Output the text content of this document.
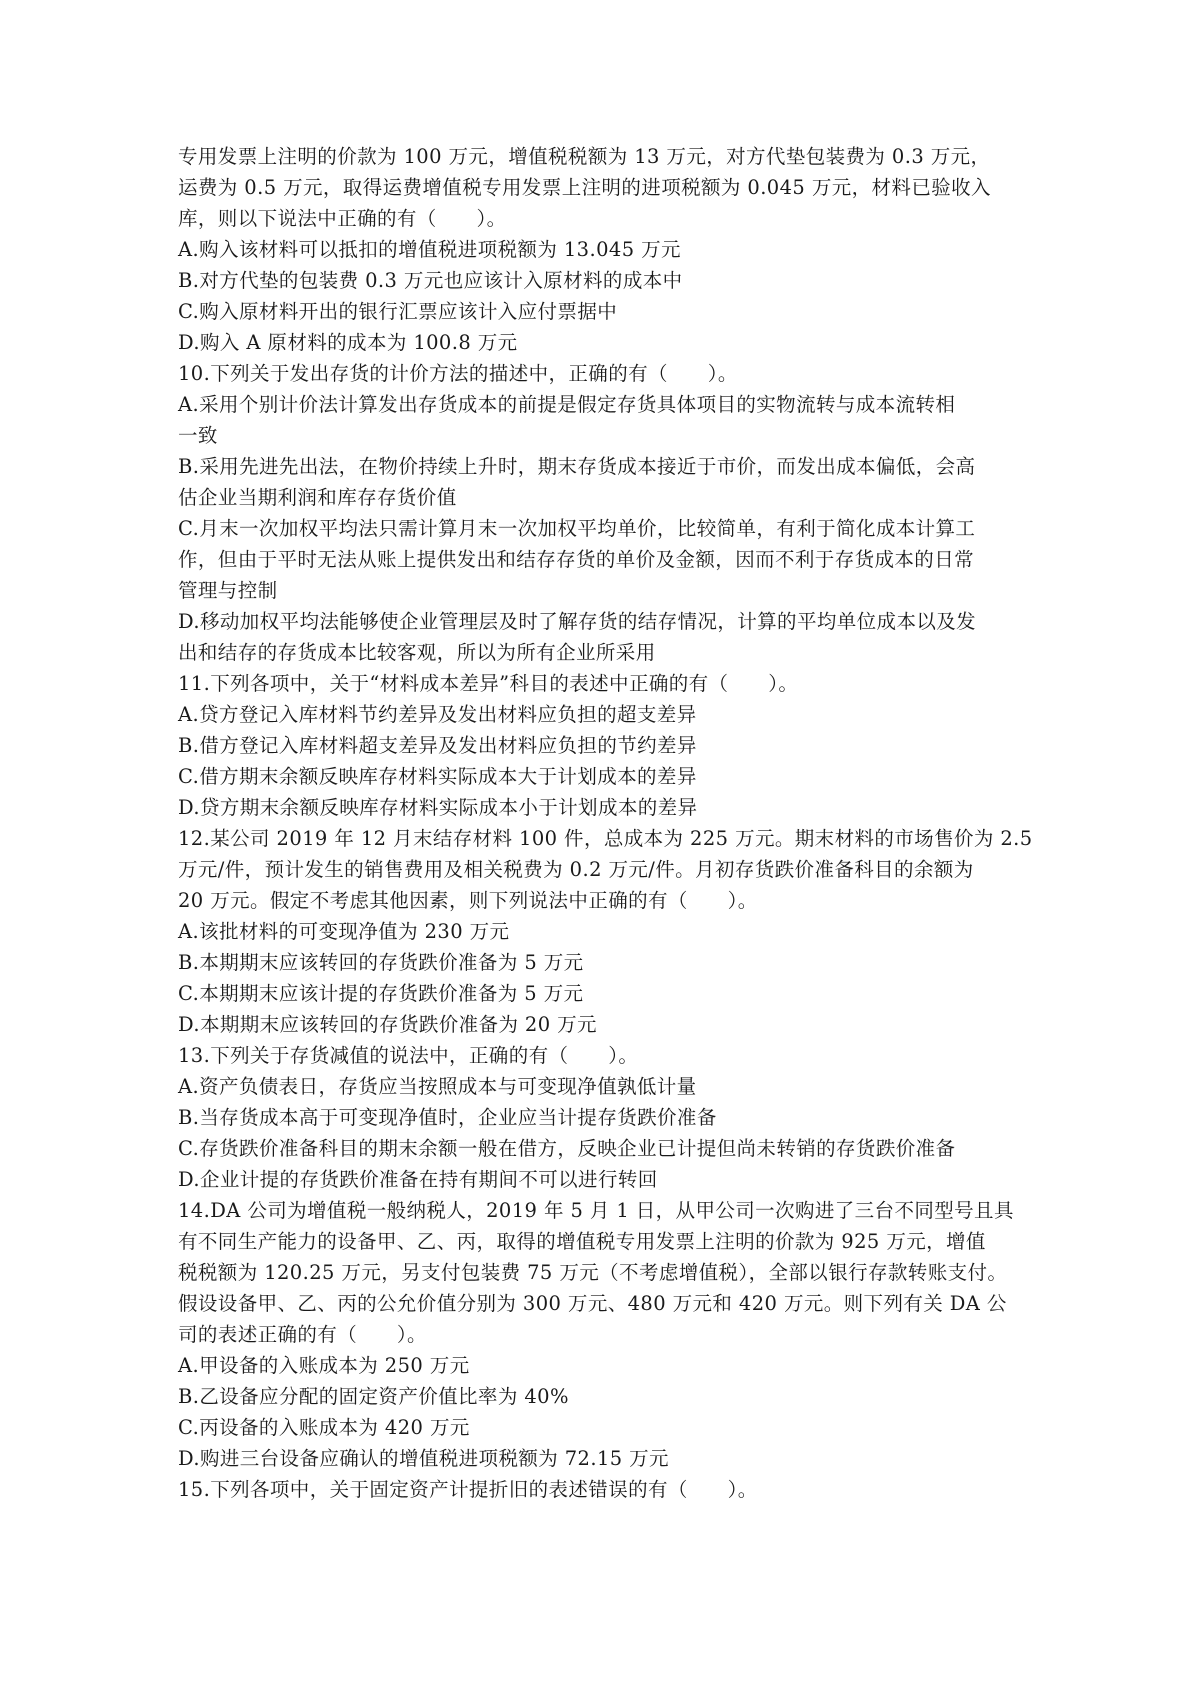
专用发票上注明的价款为 100 万元，增值税税额为 13 万元，对方代垫包装费为 0.3 万元，
运费为 0.5 万元，取得运费增值税专用发票上注明的进项税额为 0.045 万元，材料已验收入
库，则以下说法中正确的有（　　）。
A.购入该材料可以抵扣的增值税进项税额为 13.045 万元
B.对方代垫的包装费 0.3 万元也应该计入原材料的成本中
C.购入原材料开出的银行汇票应该计入应付票据中
D.购入 A 原材料的成本为 100.8 万元
10.下列关于发出存货的计价方法的描述中，正确的有（　　）。
A.采用个别计价法计算发出存货成本的前提是假定存货具体项目的实物流转与成本流转相
一致
B.采用先进先出法，在物价持续上升时，期末存货成本接近于市价，而发出成本偏低，会高
估企业当期利润和库存存货价值
C.月末一次加权平均法只需计算月末一次加权平均单价，比较简单，有利于简化成本计算工
作，但由于平时无法从账上提供发出和结存存货的单价及金额，因而不利于存货成本的日常
管理与控制
D.移动加权平均法能够使企业管理层及时了解存货的结存情况，计算的平均单位成本以及发
出和结存的存货成本比较客观，所以为所有企业所采用
11.下列各项中，关于“材料成本差异”科目的表述中正确的有（　　）。
A.贷方登记入库材料节约差异及发出材料应负担的超支差异
B.借方登记入库材料超支差异及发出材料应负担的节约差异
C.借方期末余额反映库存材料实际成本大于计划成本的差异
D.贷方期末余额反映库存材料实际成本小于计划成本的差异
12.某公司 2019 年 12 月末结存材料 100 件，总成本为 225 万元。期末材料的市场售价为 2.5
万元/件，预计发生的销售费用及相关税费为 0.2 万元/件。月初存货跌价准备科目的余额为
20 万元。假定不考虑其他因素，则下列说法中正确的有（　　）。
A.该批材料的可变现净值为 230 万元
B.本期期末应该转回的存货跌价准备为 5 万元
C.本期期末应该计提的存货跌价准备为 5 万元
D.本期期末应该转回的存货跌价准备为 20 万元
13.下列关于存货减值的说法中，正确的有（　　）。
A.资产负债表日，存货应当按照成本与可变现净值孰低计量
B.当存货成本高于可变现净值时，企业应当计提存货跌价准备
C.存货跌价准备科目的期末余额一般在借方，反映企业已计提但尚未转销的存货跌价准备
D.企业计提的存货跌价准备在持有期间不可以进行转回
14.DA 公司为增值税一般纳税人，2019 年 5 月 1 日，从甲公司一次购进了三台不同型号且具
有不同生产能力的设备甲、乙、丙，取得的增值税专用发票上注明的价款为 925 万元，增值
税税额为 120.25 万元，另支付包装费 75 万元（不考虑增值税），全部以银行存款转账支付。
假设设备甲、乙、丙的公允价值分别为 300 万元、480 万元和 420 万元。则下列有关 DA 公
司的表述正确的有（　　）。
A.甲设备的入账成本为 250 万元
B.乙设备应分配的固定资产价值比率为 40%
C.丙设备的入账成本为 420 万元
D.购进三台设备应确认的增值税进项税额为 72.15 万元
15.下列各项中，关于固定资产计提折旧的表述错误的有（　　）。
